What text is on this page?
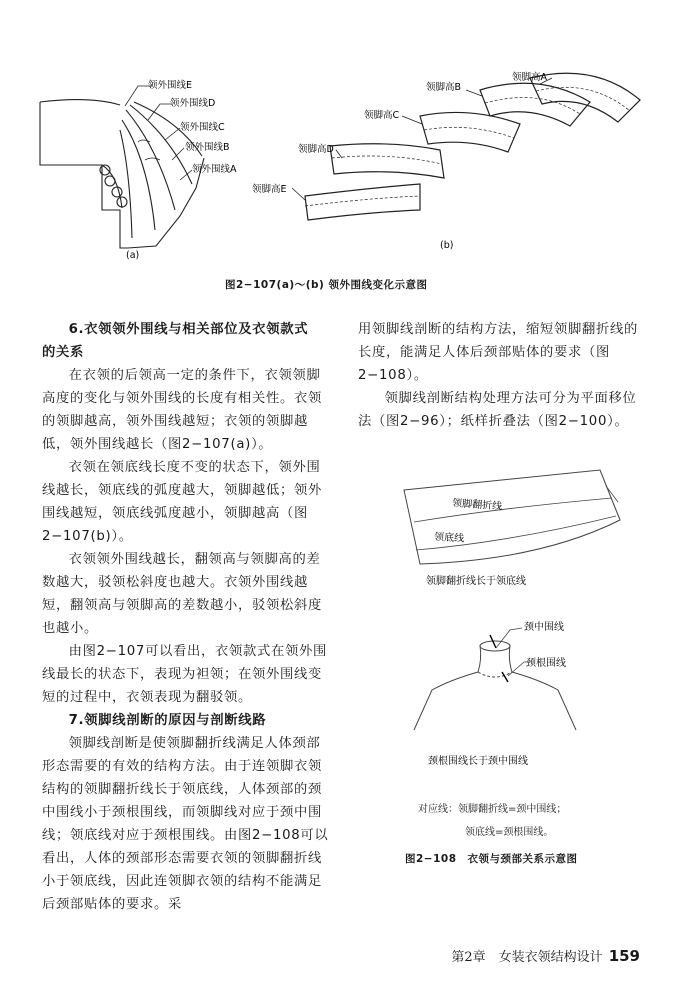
领外围线E
领外围线D
领外围线C
领外围线B
领外围线A
(a)
领脚高E
领脚高D
领脚高C
领脚高B
领脚高A
(b)
图2−107(a)～(b) 领外围线变化示意图

6.衣领领外围线与相关部位及衣领款式

的关系

在衣领的后领高一定的条件下，衣领领脚高度的变化与领外围线的长度有相关性。衣领的领脚越高，领外围线越短；衣领的领脚越低，领外围线越长（图2−107(a)）。

衣领在领底线长度不变的状态下，领外围线越长，领底线的弧度越大，领脚越低；领外围线越短，领底线弧度越小，领脚越高（图2−107(b)）。

衣领领外围线越长，翻领高与领脚高的差数越大，驳领松斜度也越大。衣领外围线越短，翻领高与领脚高的差数越小，驳领松斜度也越小。

由图2−107可以看出，衣领款式在领外围线最长的状态下，表现为袒领；在领外围线变短的过程中，衣领表现为翻驳领。

7.领脚线剖断的原因与剖断线路

领脚线剖断是使领脚翻折线满足人体颈部形态需要的有效的结构方法。由于连领脚衣领结构的领脚翻折线长于领底线，人体颈部的颈中围线小于颈根围线，而领脚线对应于颈中围线；领底线对应于颈根围线。由图2−108可以看出，人体的颈部形态需要衣领的领脚翻折线小于领底线，因此连领脚衣领的结构不能满足后颈部贴体的要求。采

用领脚线剖断的结构方法，缩短领脚翻折线的长度，能满足人体后颈部贴体的要求（图2−108）。

领脚线剖断结构处理方法可分为平面移位法（图2−96）；纸样折叠法（图2−100）。

领脚翻折线
领底线
领脚翻折线长于领底线
颈中围线
颈根围线
颈根围线长于颈中围线
对应线：领脚翻折线=颈中围线；
领底线=颈根围线。
图2−108　衣领与颈部关系示意图
第2章　女装衣领结构设计 159
